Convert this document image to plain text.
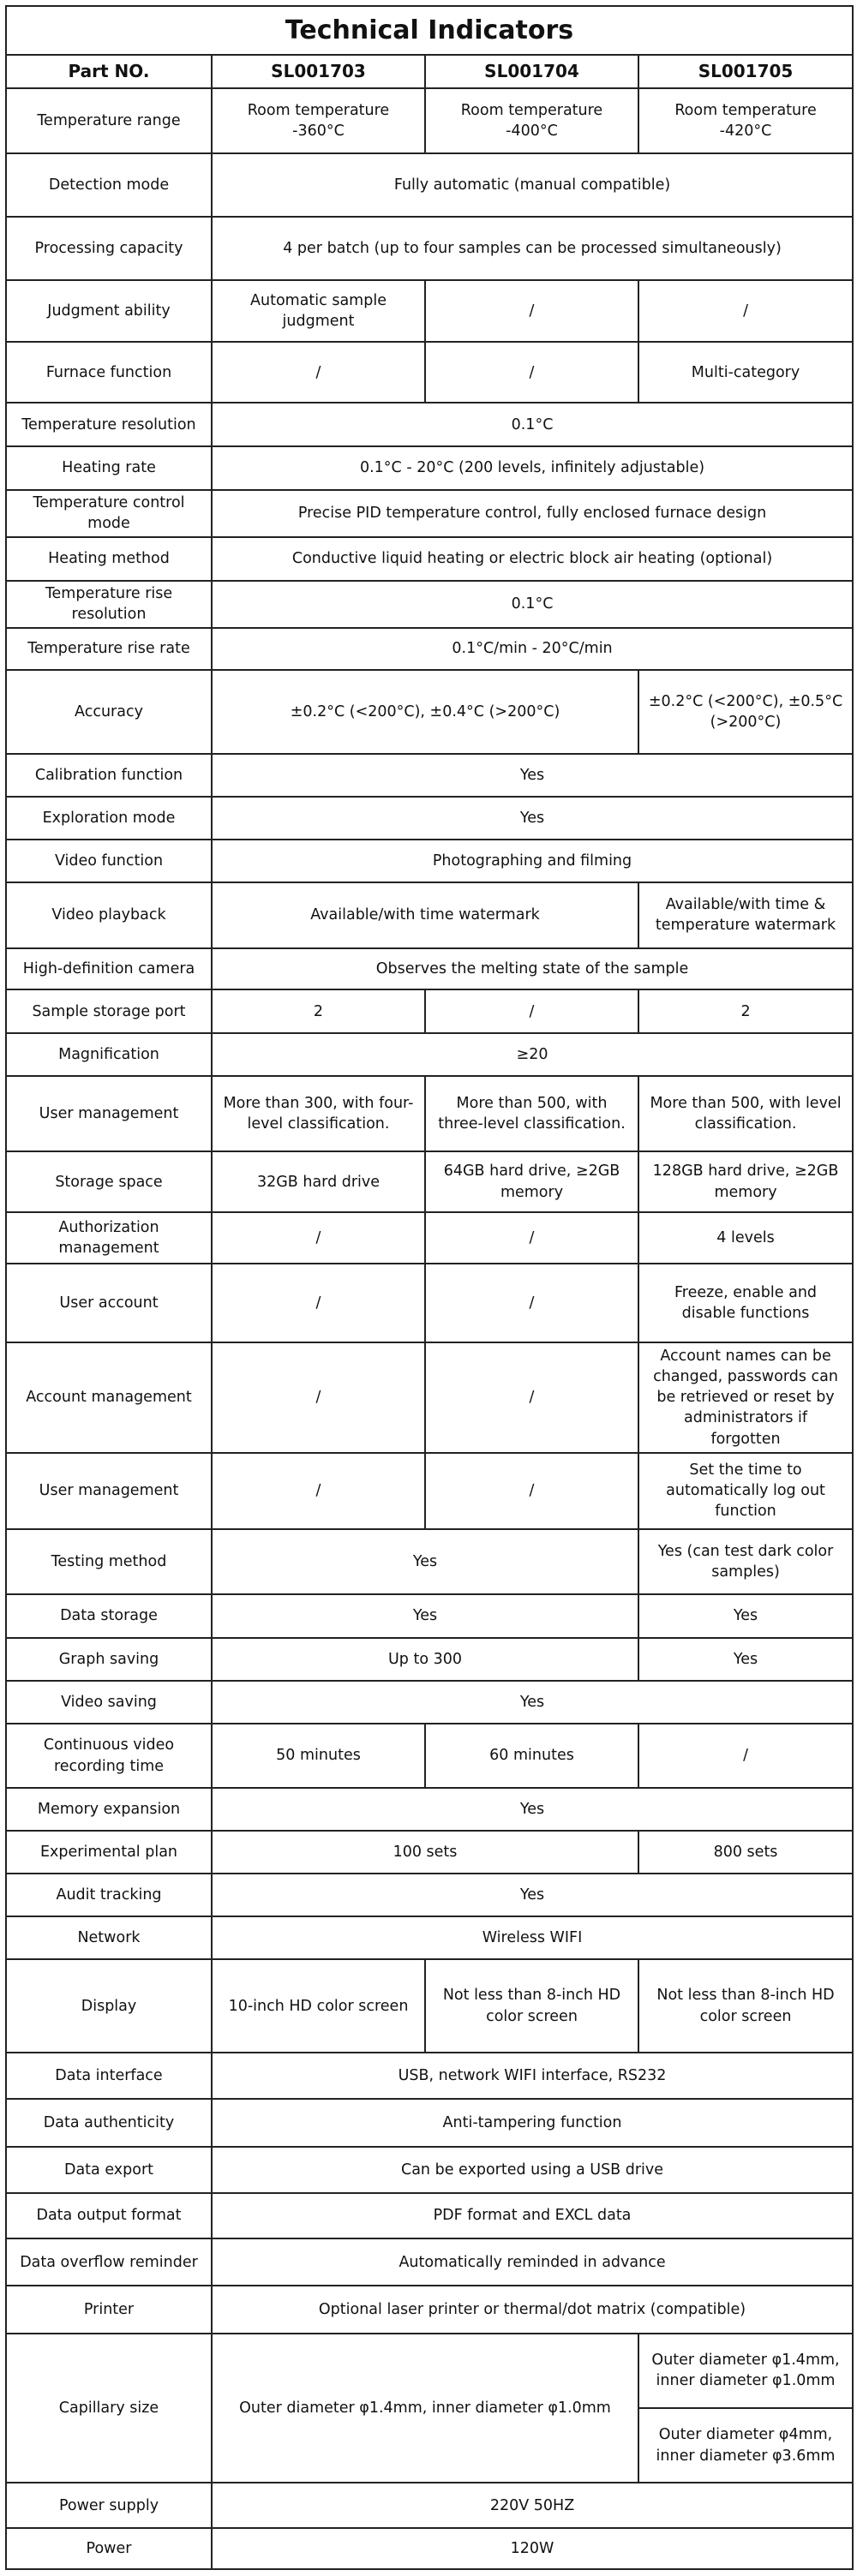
Technical Indicators			
Part NO.	SL001703	SL001704	SL001705
Temperature range	Room temperature -360°C	Room temperature -400°C	Room temperature -420°C
Detection mode	Fully automatic (manual compatible)		
Processing capacity	4 per batch (up to four samples can be processed simultaneously)		
Judgment ability	Automatic sample judgment	/	/
Furnace function	/	/	Multi-category
Temperature resolution	0.1°C		
Heating rate	0.1°C - 20°C (200 levels, infinitely adjustable)		
Temperature control mode	Precise PID temperature control, fully enclosed furnace design		
Heating method	Conductive liquid heating or electric block air heating (optional)		
Temperature rise resolution	0.1°C		
Temperature rise rate	0.1°C/min - 20°C/min		
Accuracy	±0.2°C (<200°C), ±0.4°C (>200°C)		±0.2°C (<200°C), ±0.5°C (>200°C)
Calibration function	Yes		
Exploration mode	Yes		
Video function	Photographing and filming		
Video playback	Available/with time watermark		Available/with time & temperature watermark
High-definition camera	Observes the melting state of the sample		
Sample storage port	2	/	2
Magnification	≥20		
User management	More than 300, with four-level classification.	More than 500, with three-level classification.	More than 500, with level classification.
Storage space	32GB hard drive	64GB hard drive, ≥2GB memory	128GB hard drive, ≥2GB memory
Authorization management	/	/	4 levels
User account	/	/	Freeze, enable and disable functions
Account management	/	/	Account names can be changed, passwords can be retrieved or reset by administrators if forgotten
User management	/	/	Set the time to automatically log out function
Testing method	Yes		Yes (can test dark color samples)
Data storage	Yes		Yes
Graph saving	Up to 300		Yes
Video saving	Yes		
Continuous video recording time	50 minutes	60 minutes	/
Memory expansion	Yes		
Experimental plan	100 sets		800 sets
Audit tracking	Yes		
Network	Wireless WIFI		
Display	10-inch HD color screen	Not less than 8-inch HD color screen	Not less than 8-inch HD color screen
Data interface	USB, network WIFI interface, RS232		
Data authenticity	Anti-tampering function		
Data export	Can be exported using a USB drive		
Data output format	PDF format and EXCL data		
Data overflow reminder	Automatically reminded in advance		
Printer	Optional laser printer or thermal/dot matrix (compatible)		
Capillary size	Outer diameter φ1.4mm, inner diameter φ1.0mm		Outer diameter φ1.4mm, inner diameter φ1.0mm
			Outer diameter φ4mm, inner diameter φ3.6mm
Power supply	220V 50HZ		
Power	120W		
